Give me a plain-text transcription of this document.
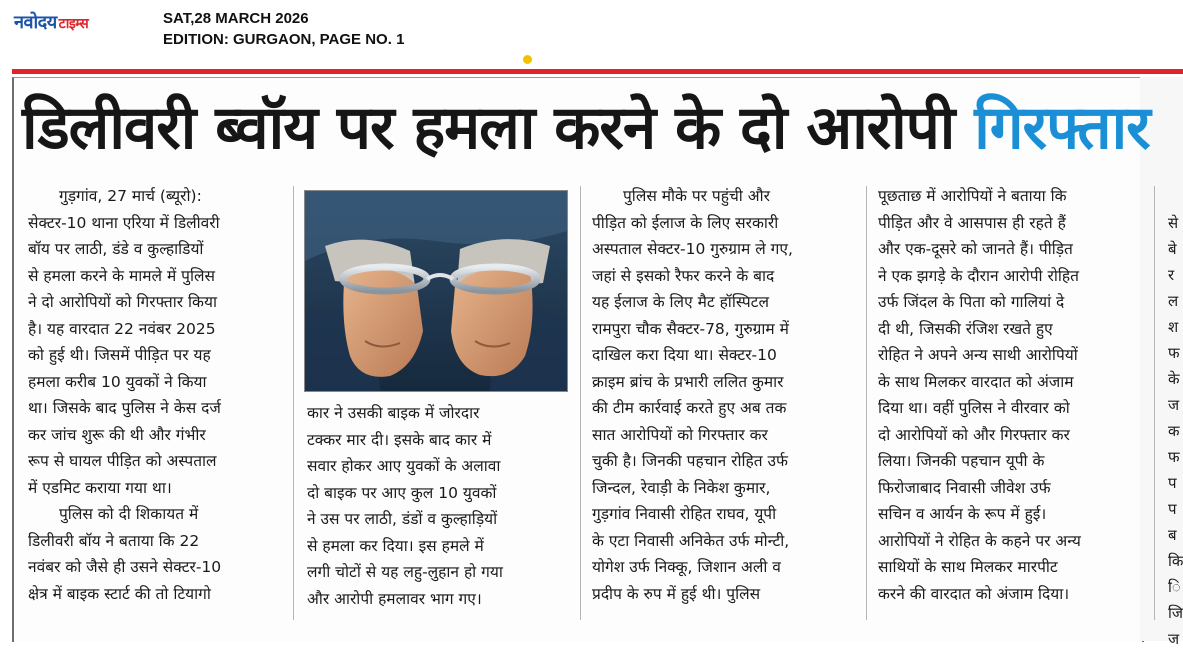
नवोदय टाइम्स	SAT,28 MARCH 2026
EDITION: GURGAON, PAGE NO. 1
डिलीवरी ब्वॉय पर हमला करने के दो आरोपी गिरफ्तार
गुड़गांव, 27 मार्च (ब्यूरो):
सेक्टर-10 थाना एरिया में डिलीवरी
बॉय पर लाठी, डंडे व कुल्हाडियों
से हमला करने के मामले में पुलिस
ने दो आरोपियों को गिरफ्तार किया
है। यह वारदात 22 नवंबर 2025
को हुई थी। जिसमें पीड़ित पर यह
हमला करीब 10 युवकों ने किया
था। जिसके बाद पुलिस ने केस दर्ज
कर जांच शुरू की थी और गंभीर
रूप से घायल पीड़ित को अस्पताल
में एडमिट कराया गया था।
पुलिस को दी शिकायत में
डिलीवरी बॉय ने बताया कि 22
नवंबर को जैसे ही उसने सेक्टर-10
क्षेत्र में बाइक स्टार्ट की तो टियागो
कार ने उसकी बाइक में जोरदार
टक्कर मार दी। इसके बाद कार में
सवार होकर आए युवकों के अलावा
दो बाइक पर आए कुल 10 युवकों
ने उस पर लाठी, डंडों व कुल्हाड़ियों
से हमला कर दिया। इस हमले में
लगी चोटों से यह लहु-लुहान हो गया
और आरोपी हमलावर भाग गए।
पुलिस मौके पर पहुंची और
पीड़ित को ईलाज के लिए सरकारी
अस्पताल सेक्टर-10 गुरुग्राम ले गए,
जहां से इसको रैफर करने के बाद
यह ईलाज के लिए मैट हॉस्पिटल
रामपुरा चौक सैक्टर-78, गुरुग्राम में
दाखिल करा दिया था। सेक्टर-10
क्राइम ब्रांच के प्रभारी ललित कुमार
की टीम कार्रवाई करते हुए अब तक
सात आरोपियों को गिरफ्तार कर
चुकी है। जिनकी पहचान रोहित उर्फ
जिन्दल, रेवाड़ी के निकेश कुमार,
गुड़गांव निवासी रोहित राघव, यूपी
के एटा निवासी अनिकेत उर्फ मोन्टी,
योगेश उर्फ निक्कू, जिशान अली व
प्रदीप के रुप में हुई थी। पुलिस
पूछताछ में आरोपियों ने बताया कि
पीड़ित और वे आसपास ही रहते हैं
और एक-दूसरे को जानते हैं। पीड़ित
ने एक झगड़े के दौरान आरोपी रोहित
उर्फ जिंदल के पिता को गालियां दे
दी थी, जिसकी रंजिश रखते हुए
रोहित ने अपने अन्य साथी आरोपियों
के साथ मिलकर वारदात को अंजाम
दिया था। वहीं पुलिस ने वीरवार को
दो आरोपियों को और गिरफ्तार कर
लिया। जिनकी पहचान यूपी के
फिरोजाबाद निवासी जीवेश उर्फ
सचिन व आर्यन के रूप में हुई।
आरोपियों ने रोहित के कहने पर अन्य
साथियों के साथ मिलकर मारपीट
करने की वारदात को अंजाम दिया।
से
बे
र
ल
श
फ
के
ज
क
फ
प
प
ब
कि
ि
जि
ज
